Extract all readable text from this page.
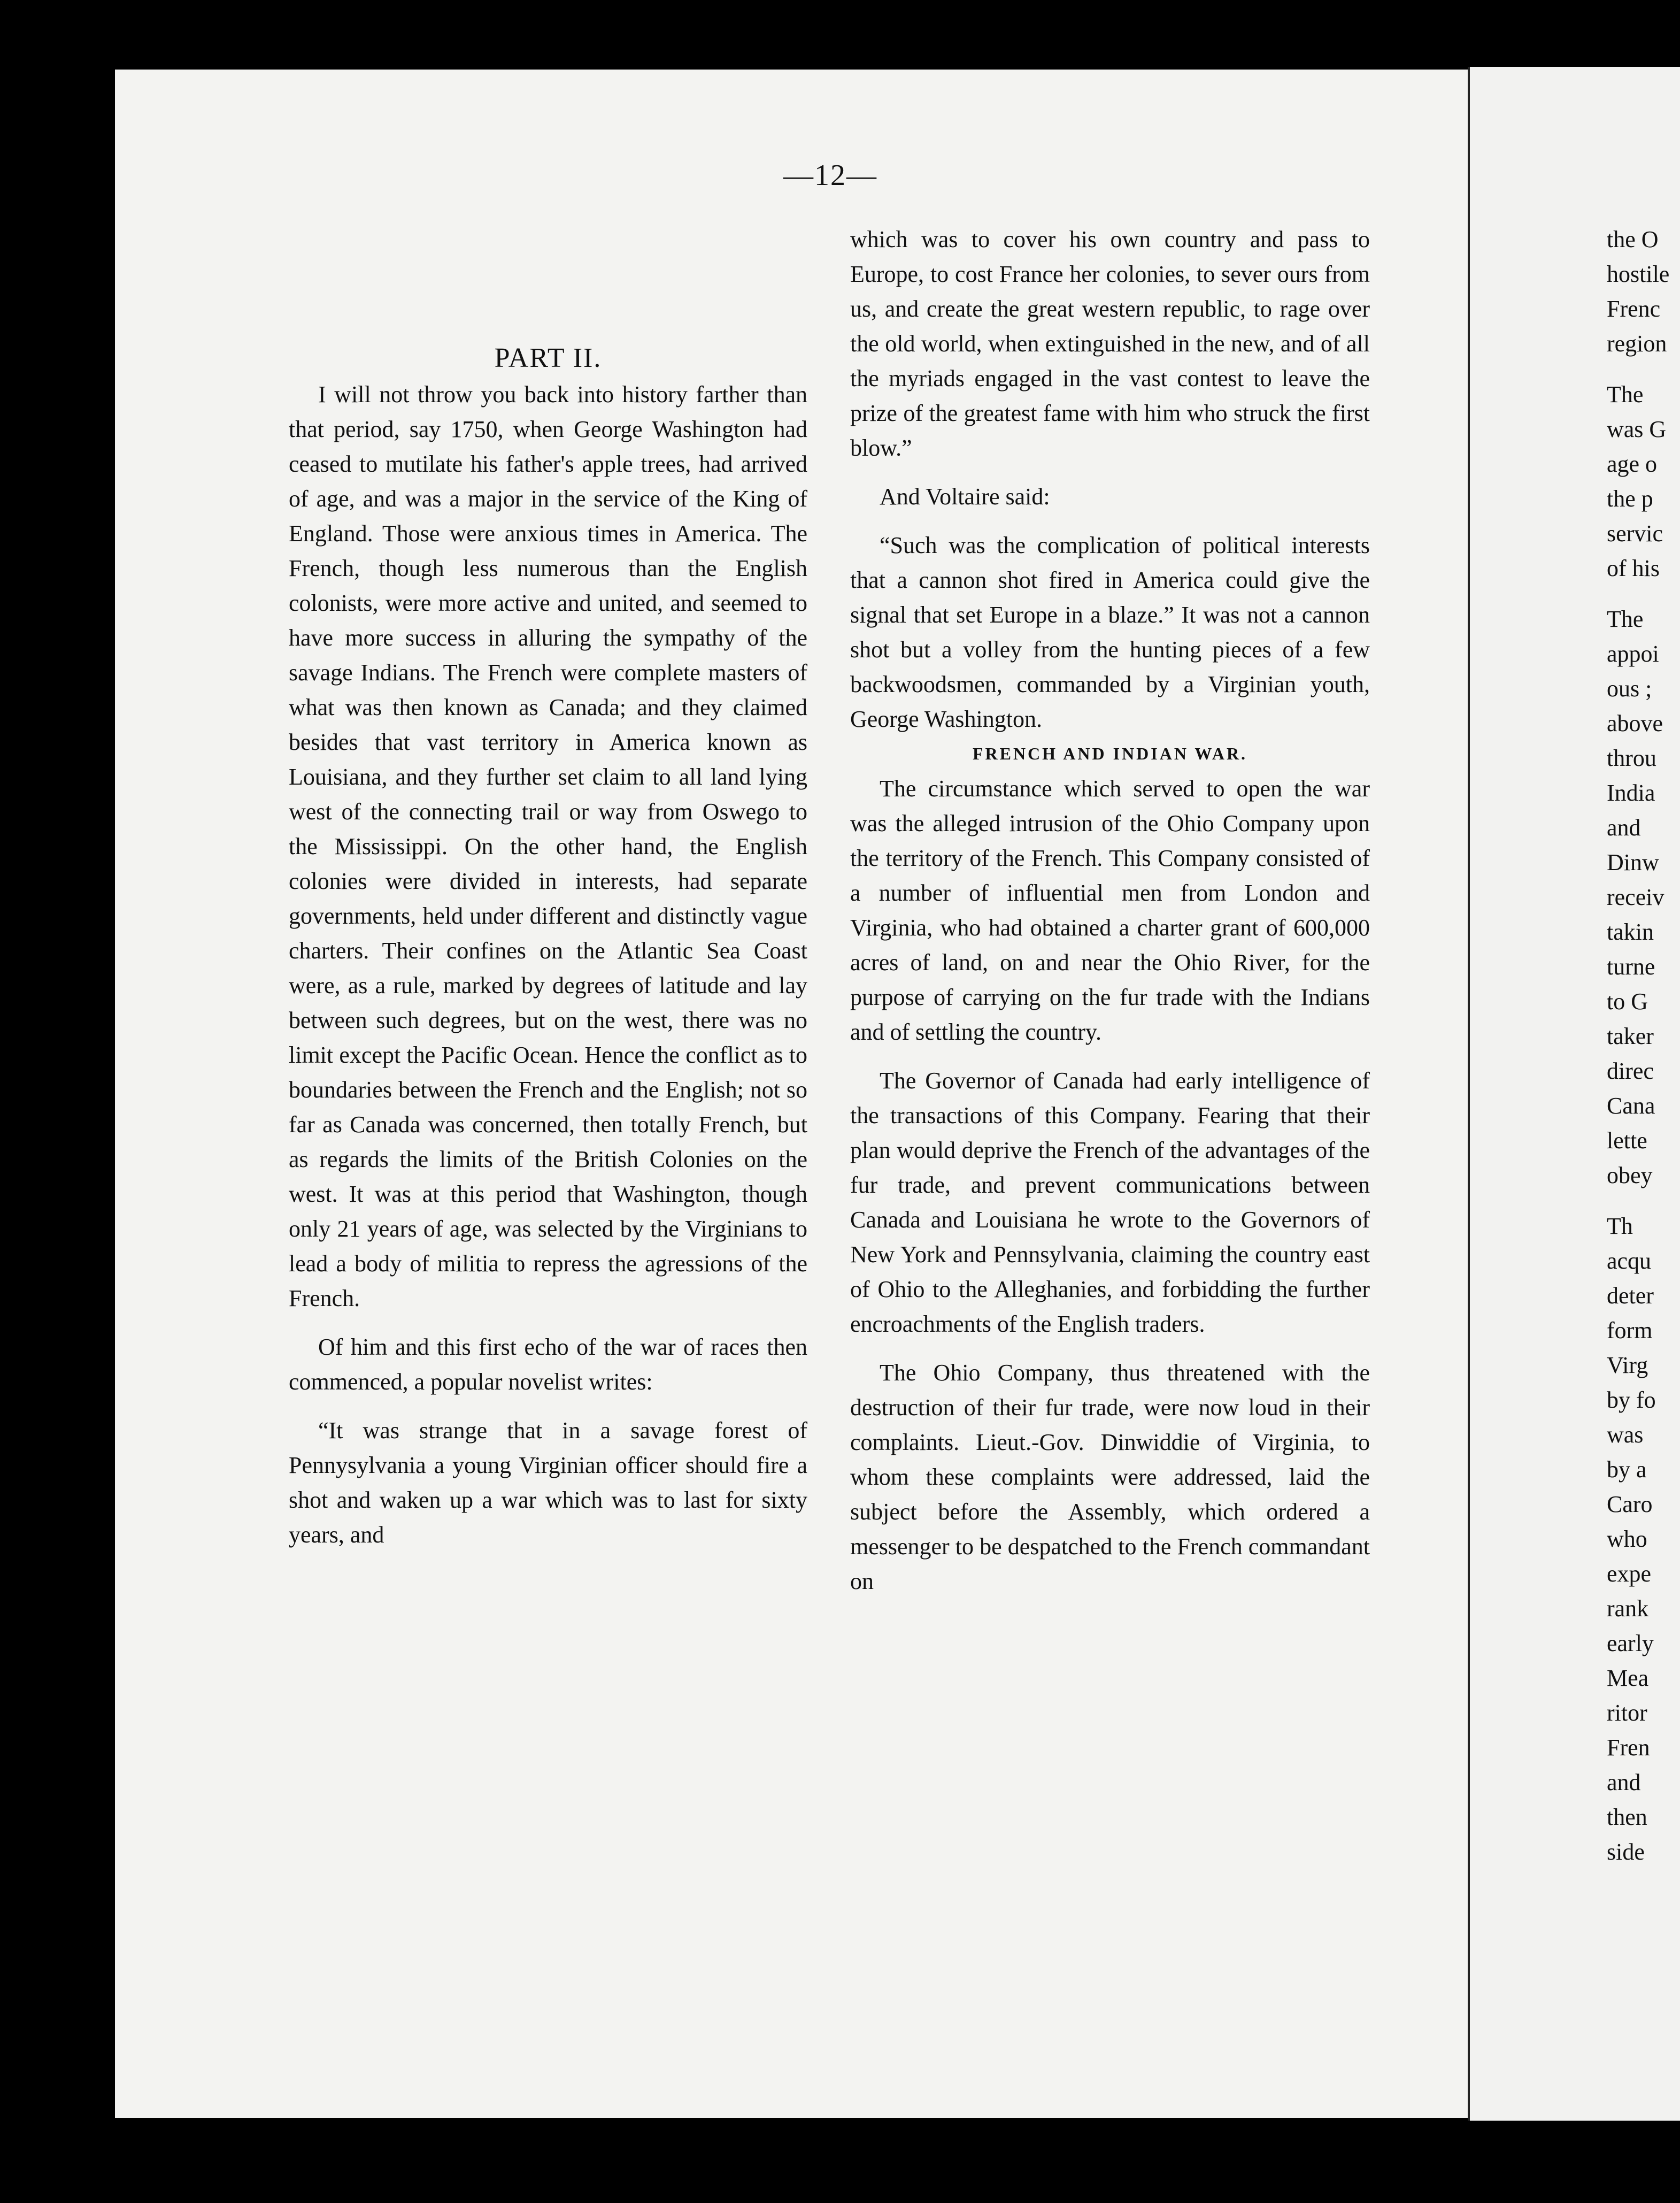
—12—

PART II.

I will not throw you back into history farther than that period, say 1750, when George Washington had ceased to mutilate his father's apple trees, had arrived of age, and was a major in the service of the King of England. Those were anxious times in America. The French, though less numerous than the English colonists, were more active and united, and seemed to have more success in alluring the sympathy of the savage Indians. The French were complete masters of what was then known as Canada; and they claimed besides that vast territory in America known as Louisiana, and they further set claim to all land lying west of the connecting trail or way from Oswego to the Mississippi. On the other hand, the English colonies were divided in interests, had separate governments, held under different and distinctly vague charters. Their confines on the Atlantic Sea Coast were, as a rule, marked by degrees of latitude and lay between such degrees, but on the west, there was no limit except the Pacific Ocean. Hence the conflict as to boundaries between the French and the English; not so far as Canada was concerned, then totally French, but as regards the limits of the British Colonies on the west. It was at this period that Washington, though only 21 years of age, was selected by the Virginians to lead a body of militia to repress the agressions of the French.

Of him and this first echo of the war of races then commenced, a popular novelist writes:

“It was strange that in a savage forest of Pennysylvania a young Virginian officer should fire a shot and waken up a war which was to last for sixty years, and

which was to cover his own country and pass to Europe, to cost France her colonies, to sever ours from us, and create the great western republic, to rage over the old world, when extinguished in the new, and of all the myriads engaged in the vast contest to leave the prize of the greatest fame with him who struck the first blow.”

And Voltaire said:

“Such was the complication of political interests that a cannon shot fired in America could give the signal that set Europe in a blaze.” It was not a cannon shot but a volley from the hunting pieces of a few backwoodsmen, commanded by a Virginian youth, George Washington.

FRENCH AND INDIAN WAR.

The circumstance which served to open the war was the alleged intrusion of the Ohio Company upon the territory of the French. This Company consisted of a number of influential men from London and Virginia, who had obtained a charter grant of 600,000 acres of land, on and near the Ohio River, for the purpose of carrying on the fur trade with the Indians and of settling the country.

The Governor of Canada had early intelligence of the transactions of this Company. Fearing that their plan would deprive the French of the advantages of the fur trade, and prevent communications between Canada and Louisiana he wrote to the Governors of New York and Pennsylvania, claiming the country east of Ohio to the Alleghanies, and forbidding the further encroachments of the English traders.

The Ohio Company, thus threatened with the destruction of their fur trade, were now loud in their complaints. Lieut.-Gov. Dinwiddie of Virginia, to whom these complaints were addressed, laid the subject before the Assembly, which ordered a messenger to be despatched to the French commandant on

the O
hostile
Frenc
region
The
was G
age o
the p
servic
of his
The
appoi
ous ;
above
throu
India
and
Dinw
receiv
takin
turne
to G
taker
direc
Cana
lette
obey
Th
acqu
deter
form
Virg
by fo
was
by a
Caro
who
expe
rank
early
Mea
ritor
Fren
and
then
side
